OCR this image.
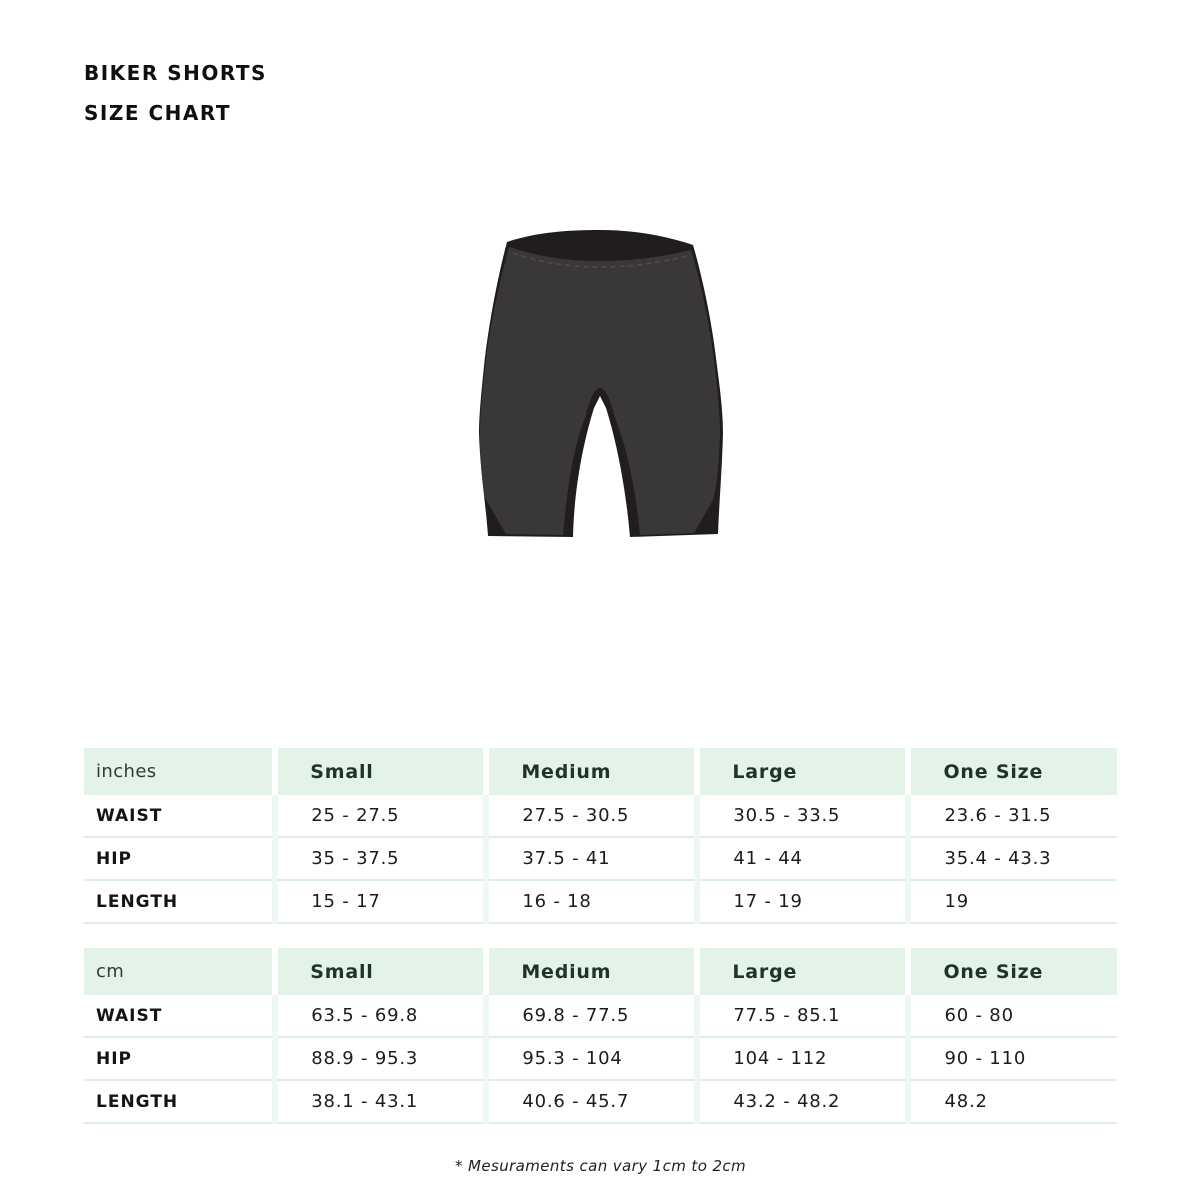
BIKER SHORTS
SIZE CHART
inches	Small	Medium	Large	One Size
WAIST	25 - 27.5	27.5 - 30.5	30.5 - 33.5	23.6 - 31.5
HIP	35 - 37.5	37.5 - 41	41 - 44	35.4 - 43.3
LENGTH	15 - 17	16 - 18	17 - 19	19
cm	Small	Medium	Large	One Size
WAIST	63.5 - 69.8	69.8 - 77.5	77.5 - 85.1	60 - 80
HIP	88.9 - 95.3	95.3 - 104	104 - 112	90 - 110
LENGTH	38.1 - 43.1	40.6 - 45.7	43.2 - 48.2	48.2
* Mesuraments can vary 1cm to 2cm
